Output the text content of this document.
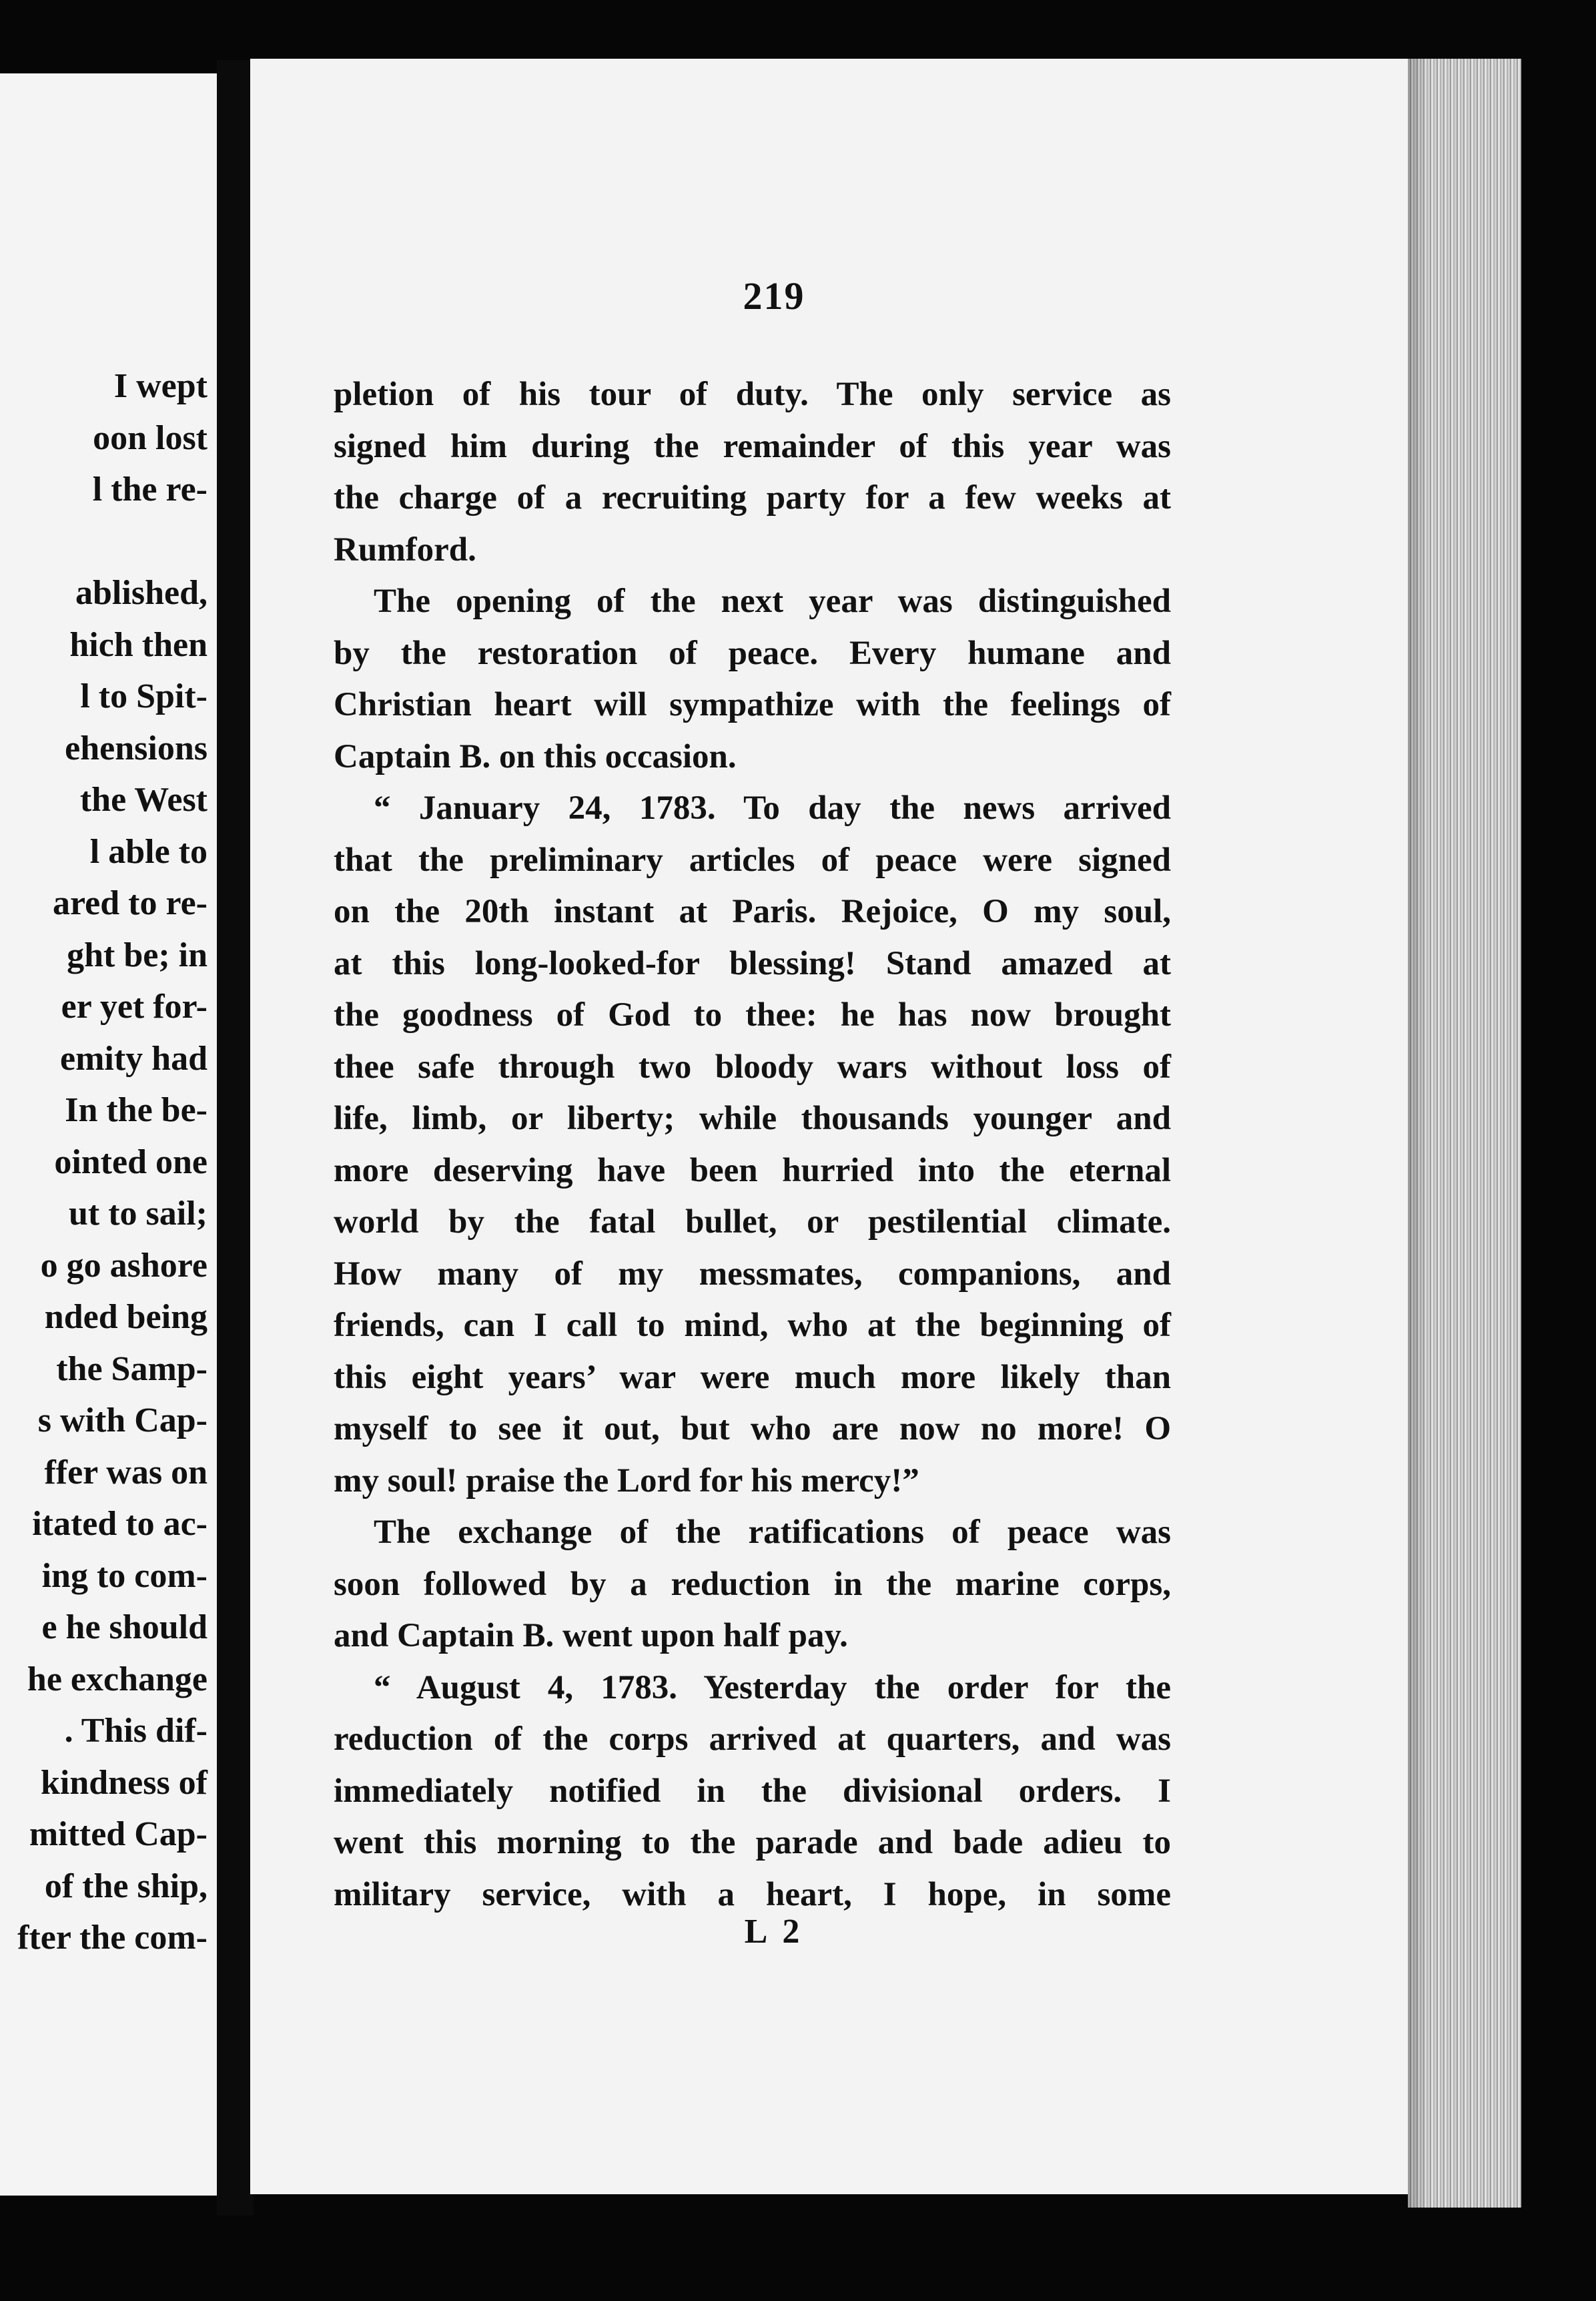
I wept
oon lost
l the re-
ablished,
hich then
l to Spit-
ehensions
the West
l able to
ared to re-
ght be; in
er yet for-
emity had
In the be-
ointed one
ut to sail;
o go ashore
nded being
the Samp-
s with Cap-
ffer was on
itated to ac-
ing to com-
e he should
he exchange
. This dif-
kindness of
mitted Cap-
of the ship,
fter the com-
219
pletion of his tour of duty. The only service as
signed him during the remainder of this year was
the charge of a recruiting party for a few weeks at
Rumford.
The opening of the next year was distinguished
by the restoration of peace. Every humane and
Christian heart will sympathize with the feelings of
Captain B. on this occasion.
“ January 24, 1783. To day the news arrived
that the preliminary articles of peace were signed
on the 20th instant at Paris. Rejoice, O my soul,
at this long-looked-for blessing! Stand amazed at
the goodness of God to thee: he has now brought
thee safe through two bloody wars without loss of
life, limb, or liberty; while thousands younger and
more deserving have been hurried into the eternal
world by the fatal bullet, or pestilential climate.
How many of my messmates, companions, and
friends, can I call to mind, who at the beginning of
this eight years’ war were much more likely than
myself to see it out, but who are now no more! O
my soul! praise the Lord for his mercy!”
The exchange of the ratifications of peace was
soon followed by a reduction in the marine corps,
and Captain B. went upon half pay.
“ August 4, 1783. Yesterday the order for the
reduction of the corps arrived at quarters, and was
immediately notified in the divisional orders. I
went this morning to the parade and bade adieu to
military service, with a heart, I hope, in some
L 2
